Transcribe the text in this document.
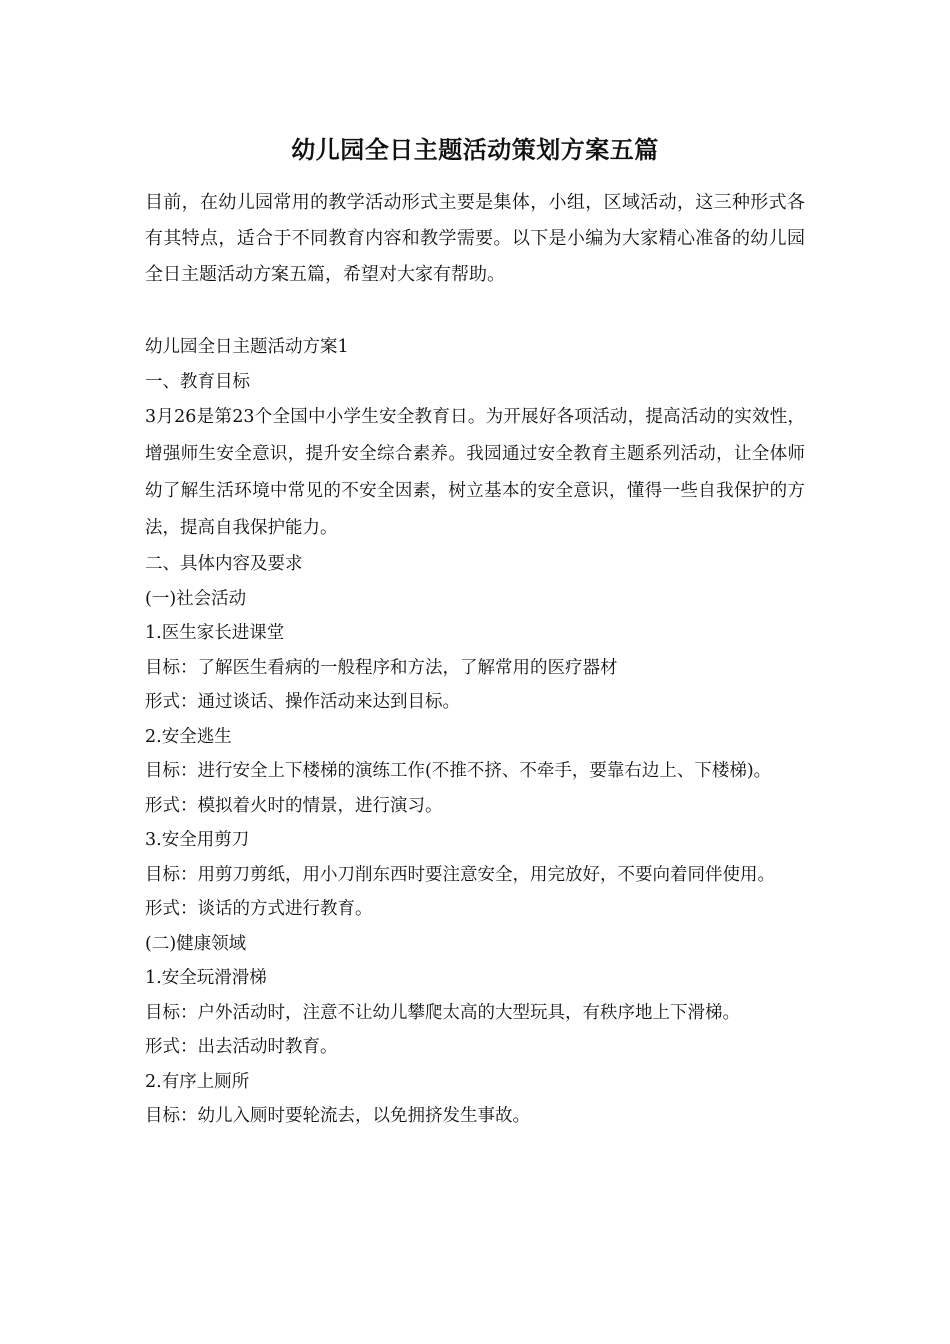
幼儿园全日主题活动策划方案五篇

目前，在幼儿园常用的教学活动形式主要是集体，小组，区域活动，这三种形式各有其特点，适合于不同教育内容和教学需要。以下是小编为大家精心准备的幼儿园全日主题活动方案五篇，希望对大家有帮助。

幼儿园全日主题活动方案1

一、教育目标

3月26是第23个全国中小学生安全教育日。为开展好各项活动，提高活动的实效性，增强师生安全意识，提升安全综合素养。我园通过安全教育主题系列活动，让全体师幼了解生活环境中常见的不安全因素，树立基本的安全意识，懂得一些自我保护的方法，提高自我保护能力。

二、具体内容及要求

(一)社会活动

1.医生家长进课堂

目标：了解医生看病的一般程序和方法，了解常用的医疗器材

形式：通过谈话、操作活动来达到目标。

2.安全逃生

目标：进行安全上下楼梯的演练工作(不推不挤、不牵手，要靠右边上、下楼梯)。

形式：模拟着火时的情景，进行演习。

3.安全用剪刀

目标：用剪刀剪纸，用小刀削东西时要注意安全，用完放好，不要向着同伴使用。

形式：谈话的方式进行教育。

(二)健康领域

1.安全玩滑滑梯

目标：户外活动时，注意不让幼儿攀爬太高的大型玩具，有秩序地上下滑梯。

形式：出去活动时教育。

2.有序上厕所

目标：幼儿入厕时要轮流去，以免拥挤发生事故。
